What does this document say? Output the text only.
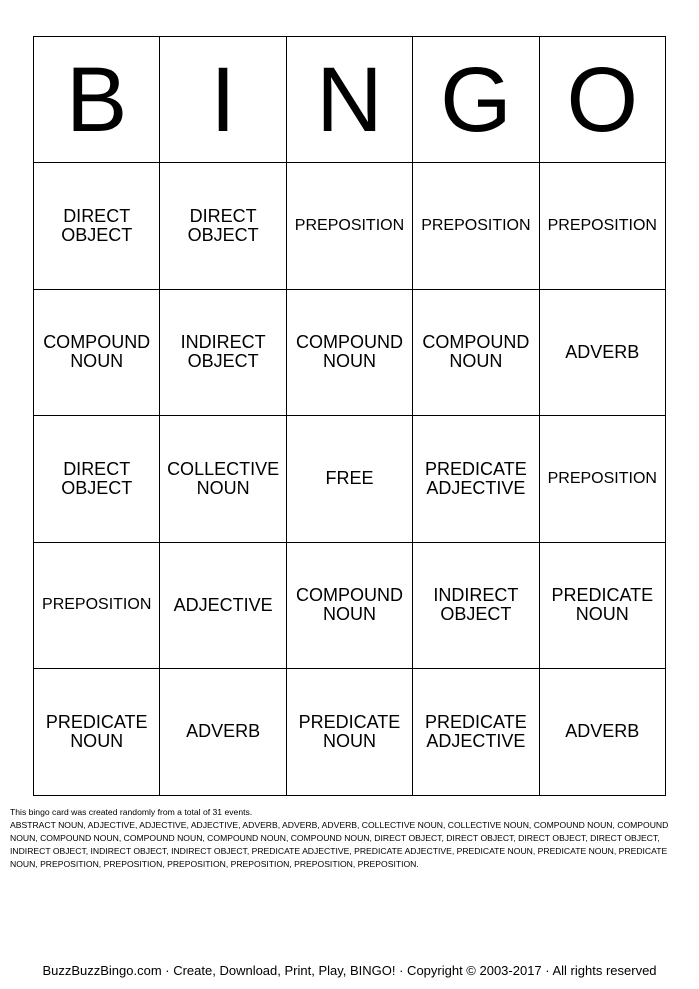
B	I	N	G	O
DIRECT OBJECT	DIRECT OBJECT	PREPOSITION	PREPOSITION	PREPOSITION
COMPOUND NOUN	INDIRECT OBJECT	COMPOUND NOUN	COMPOUND NOUN	ADVERB
DIRECT OBJECT	COLLECTIVE NOUN	FREE	PREDICATE ADJECTIVE	PREPOSITION
PREPOSITION	ADJECTIVE	COMPOUND NOUN	INDIRECT OBJECT	PREDICATE NOUN
PREDICATE NOUN	ADVERB	PREDICATE NOUN	PREDICATE ADJECTIVE	ADVERB

This bingo card was created randomly from a total of 31 events.

ABSTRACT NOUN, ADJECTIVE, ADJECTIVE, ADJECTIVE, ADVERB, ADVERB, ADVERB, COLLECTIVE NOUN, COLLECTIVE NOUN, COMPOUND NOUN, COMPOUND NOUN, COMPOUND NOUN, COMPOUND NOUN, COMPOUND NOUN, COMPOUND NOUN, DIRECT OBJECT, DIRECT OBJECT, DIRECT OBJECT, DIRECT OBJECT, INDIRECT OBJECT, INDIRECT OBJECT, INDIRECT OBJECT, PREDICATE ADJECTIVE, PREDICATE ADJECTIVE, PREDICATE NOUN, PREDICATE NOUN, PREDICATE NOUN, PREPOSITION, PREPOSITION, PREPOSITION, PREPOSITION, PREPOSITION, PREPOSITION.

BuzzBuzzBingo.com · Create, Download, Print, Play, BINGO! · Copyright © 2003-2017 · All rights reserved
